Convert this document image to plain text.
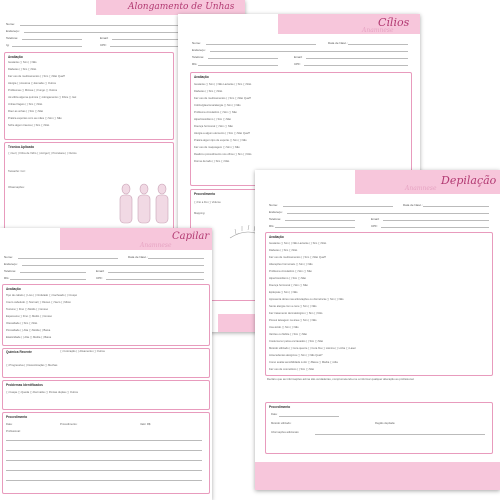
Alongamento de Unhas
Nome:
Endereço:
Telefone:	Email:
Ig:	CPF:
Avaliação
Gestante ( ) Sim ( ) Não
Diabetes ( ) Sim ( ) Não
Faz uso de medicamentos ( ) Sim ( ) Não Qual?
Alergia ( ) Acetona ( ) Esmalte ( ) Outros
Problemas ( ) Micose ( ) Fungo ( ) Outros
Já utiliza alguma química ( ) Alongamento ( ) Fibra ( ) Gel
Unhas frágeis ( ) Sim ( ) Não
Roer as unhas ( ) Sim ( ) Não
Pratica esportes com as mãos ( ) Sim ( ) Não
Sofre algum trauma ( ) Sim ( ) Não
Técnica Aplicada
( ) Gel ( ) Fibra de Vidro ( ) Acrigel ( ) Porcelana ( ) Outros
Tamanho: Cor:
Observações:
Cílios
Anamnese
Nome:	Data de Nasc.:
Endereço:
Telefone:	Email:
RG:	CPF:
Avaliação
Gestante ( ) Sim ( ) Não Lactante ( ) Sim ( ) Não
Diabetes ( ) Sim ( ) Não
Faz uso de medicamentos ( ) Sim ( ) Não Qual?
Colírio/glaucoma/alergia ( ) Sim ( ) Não
Problema circulatório ( ) Sim ( ) Não
Hipertireoidismo ( ) Sim ( ) Não
Doença hormonal ( ) Sim ( ) Não
Alergia a algum elemento ( ) Sim ( ) Não Qual?
Pratica algum tipo de esporte ( ) Sim ( ) Não
Faz uso de maquiagem ( ) Sim ( ) Não
Realizou procedimento nos olhos ( ) Sim ( ) Não
Dorme de lado ( ) Sim ( ) Não
Procedimento
( ) Fio a Fio ( ) Volume
Mapping:
Depilação
Anamnese
Nome:	Data de Nasc.:
Endereço:
Telefone:	Email:
RG:	CPF:
Avaliação
Gestante ( ) Sim ( ) Não Lactante ( ) Sim ( ) Não
Diabetes ( ) Sim ( ) Não
Faz uso de medicamentos ( ) Sim ( ) Não Qual?
Alterações hormonais ( ) Sim ( ) Não
Problema circulatório ( ) Sim ( ) Não
Hipertireoidismo ( ) Sim ( ) Não
Doença hormonal ( ) Sim ( ) Não
Epilepsia ( ) Sim ( ) Não
Apresenta dores nas articulações ou dormência ( ) Sim ( ) Não
Sente alergia com a cera ( ) Sim ( ) Não
Faz tratamento dermatológico ( ) Sim ( ) Não
Possui tatuagem na área ( ) Sim ( ) Não
Usa ácido ( ) Sim ( ) Não
Varizes ou flebite ( ) Sim ( ) Não
Costuma ter pelos encravados ( ) Sim ( ) Não
Método utilizado ( ) Cera quente ( ) Cera fria ( ) Lâmina ( ) Linha ( ) Laser
Antecedentes alérgicos ( ) Sim ( ) Não Qual?
Como avalia sensibilidade à dor ( ) Baixa ( ) Média ( ) Alta
Faz uso de cosméticos ( ) Sim ( ) Não
Declaro que as informações acima são verdadeiras, comprometendo-me a informar qualquer alteração ao profissional.
Procedimento
Data:
Método utilizado:	Região depilada:
Informações adicionais:
Capilar
Anamnese
Nome:	Data de Nasc.:
Endereço:
Telefone:	Email:
RG:	CPF:
Avaliação
Tipo de cabelo ( ) Liso ( ) Ondulado ( ) Cacheado ( ) Crespo
Couro cabeludo ( ) Normal ( ) Oleoso ( ) Seco ( ) Misto
Textura ( ) Fino ( ) Médio ( ) Grosso
Espessura ( ) Fino ( ) Médio ( ) Grosso
Oleosidade ( ) Sim ( ) Não
Porosidade ( ) Alta ( ) Média ( ) Baixa
Elasticidade ( ) Alta ( ) Média ( ) Baixa
Química Recente	( ) Coloração ( ) Alisamento ( ) Outros
( ) Progressiva ( ) Descoloração ( ) Mechas
Problemas Identificados
( ) Caspa ( ) Queda ( ) Dermatite ( ) Pontas duplas ( ) Outros
Procedimento
Data:	Procedimento:
Profissional:
Valor R$:
